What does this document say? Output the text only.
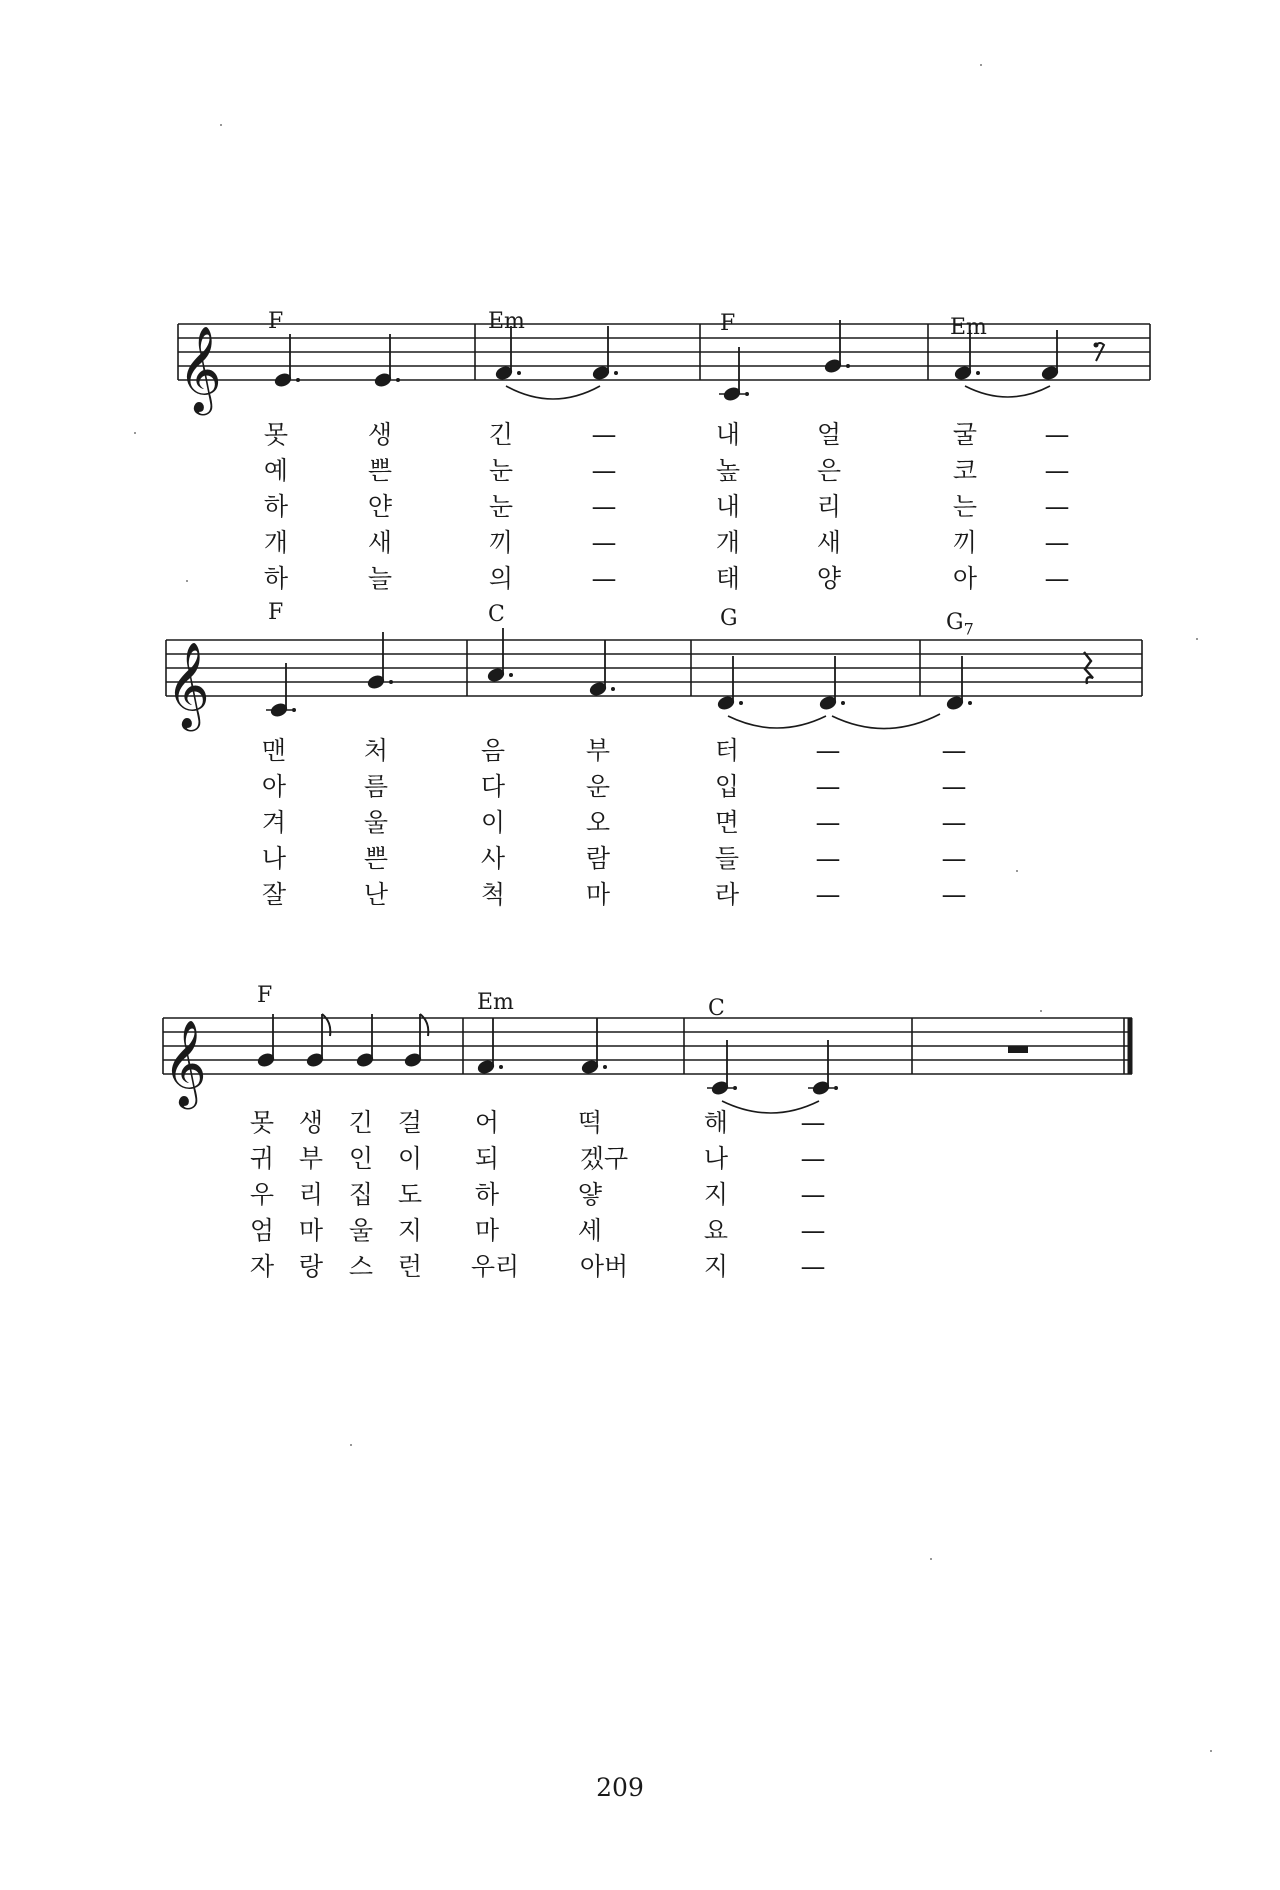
𝄞
𝄞
𝄞
F	Em	F	Em
F	C	G	$G_7$
F	Em	C
못	생	긴	—	내	얼	굴	—
예	쁜	눈	—	높	은	코	—
하	얀	눈	—	내	리	는	—
개	새	끼	—	개	새	끼	—
하	늘	의	—	태	양	아	—
맨	처	음	부	터	—	—
아	름	다	운	입	—	—
겨	울	이	오	면	—	—
나	쁜	사	람	들	—	—
잘	난	척	마	라	—	—
못 생 긴 걸 어	떡	해	—
귀 부 인 이 되	겠구	나	—
우 리 집 도 하	얗	지	—
엄 마 울 지 마	세	요	—
자 랑 스 런 우리 아버	지	—
209
